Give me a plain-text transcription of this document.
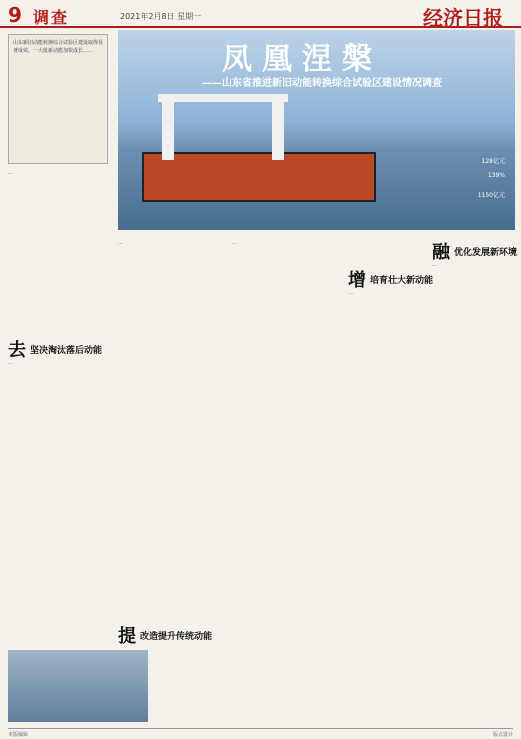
9 调查	2021年2月8日 星期一	经济日报

山东新旧动能转换综合试验区建设取得显著成效，一大批新动能加快成长……	凤凰涅槃
——山东省推进新旧动能转换综合试验区建设情况调查
128亿元
139%
1150亿元
…
去 坚决淘汰落后动能
…
提 改造提升传统动能
…	…
增 培育壮大新动能
…
融 优化发展新环境
…
本版编辑	版式设计
